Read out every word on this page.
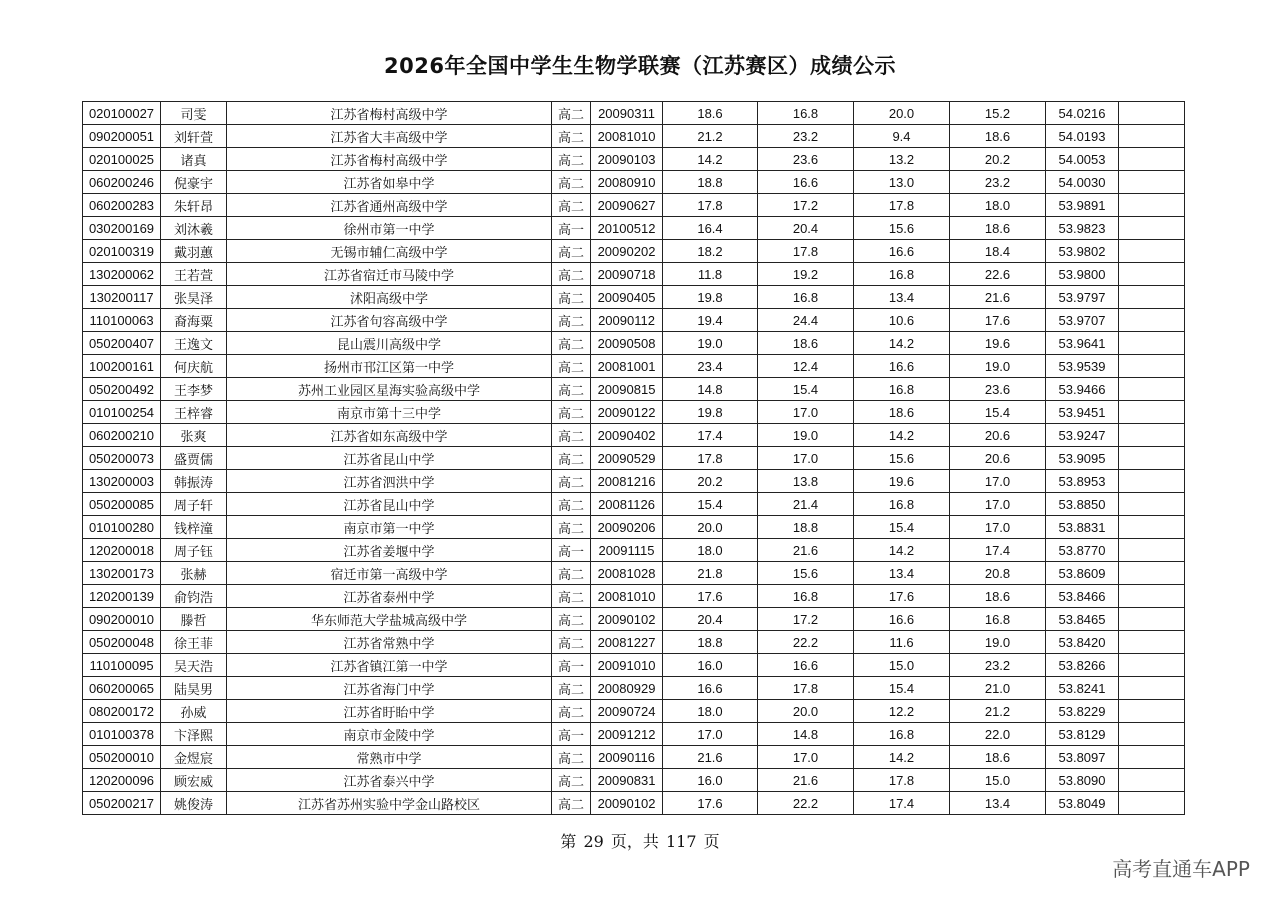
2026年全国中学生生物学联赛（江苏赛区）成绩公示
020100027	司雯	江苏省梅村高级中学	高二	20090311	18.6	16.8	20.0	15.2	54.0216	
090200051	刘轩萱	江苏省大丰高级中学	高二	20081010	21.2	23.2	9.4	18.6	54.0193	
020100025	诸真	江苏省梅村高级中学	高二	20090103	14.2	23.6	13.2	20.2	54.0053	
060200246	倪豪宇	江苏省如皋中学	高二	20080910	18.8	16.6	13.0	23.2	54.0030	
060200283	朱轩昂	江苏省通州高级中学	高二	20090627	17.8	17.2	17.8	18.0	53.9891	
030200169	刘沐羲	徐州市第一中学	高一	20100512	16.4	20.4	15.6	18.6	53.9823	
020100319	戴羽蕙	无锡市辅仁高级中学	高二	20090202	18.2	17.8	16.6	18.4	53.9802	
130200062	王若萱	江苏省宿迁市马陵中学	高二	20090718	11.8	19.2	16.8	22.6	53.9800	
130200117	张昊泽	沭阳高级中学	高二	20090405	19.8	16.8	13.4	21.6	53.9797	
110100063	裔海粟	江苏省句容高级中学	高二	20090112	19.4	24.4	10.6	17.6	53.9707	
050200407	王逸文	昆山震川高级中学	高二	20090508	19.0	18.6	14.2	19.6	53.9641	
100200161	何庆航	扬州市邗江区第一中学	高二	20081001	23.4	12.4	16.6	19.0	53.9539	
050200492	王李梦	苏州工业园区星海实验高级中学	高二	20090815	14.8	15.4	16.8	23.6	53.9466	
010100254	王梓睿	南京市第十三中学	高二	20090122	19.8	17.0	18.6	15.4	53.9451	
060200210	张爽	江苏省如东高级中学	高二	20090402	17.4	19.0	14.2	20.6	53.9247	
050200073	盛贾儒	江苏省昆山中学	高二	20090529	17.8	17.0	15.6	20.6	53.9095	
130200003	韩振涛	江苏省泗洪中学	高二	20081216	20.2	13.8	19.6	17.0	53.8953	
050200085	周子轩	江苏省昆山中学	高二	20081126	15.4	21.4	16.8	17.0	53.8850	
010100280	钱梓潼	南京市第一中学	高二	20090206	20.0	18.8	15.4	17.0	53.8831	
120200018	周子钰	江苏省姜堰中学	高一	20091115	18.0	21.6	14.2	17.4	53.8770	
130200173	张赫	宿迁市第一高级中学	高二	20081028	21.8	15.6	13.4	20.8	53.8609	
120200139	俞钧浩	江苏省泰州中学	高二	20081010	17.6	16.8	17.6	18.6	53.8466	
090200010	滕哲	华东师范大学盐城高级中学	高二	20090102	20.4	17.2	16.6	16.8	53.8465	
050200048	徐王菲	江苏省常熟中学	高二	20081227	18.8	22.2	11.6	19.0	53.8420	
110100095	吴天浩	江苏省镇江第一中学	高一	20091010	16.0	16.6	15.0	23.2	53.8266	
060200065	陆昊男	江苏省海门中学	高二	20080929	16.6	17.8	15.4	21.0	53.8241	
080200172	孙威	江苏省盱眙中学	高二	20090724	18.0	20.0	12.2	21.2	53.8229	
010100378	卞泽熙	南京市金陵中学	高一	20091212	17.0	14.8	16.8	22.0	53.8129	
050200010	金煜宸	常熟市中学	高二	20090116	21.6	17.0	14.2	18.6	53.8097	
120200096	顾宏威	江苏省泰兴中学	高二	20090831	16.0	21.6	17.8	15.0	53.8090	
050200217	姚俊涛	江苏省苏州实验中学金山路校区	高二	20090102	17.6	22.2	17.4	13.4	53.8049	
第 29 页，共 117 页
高考直通车APP
